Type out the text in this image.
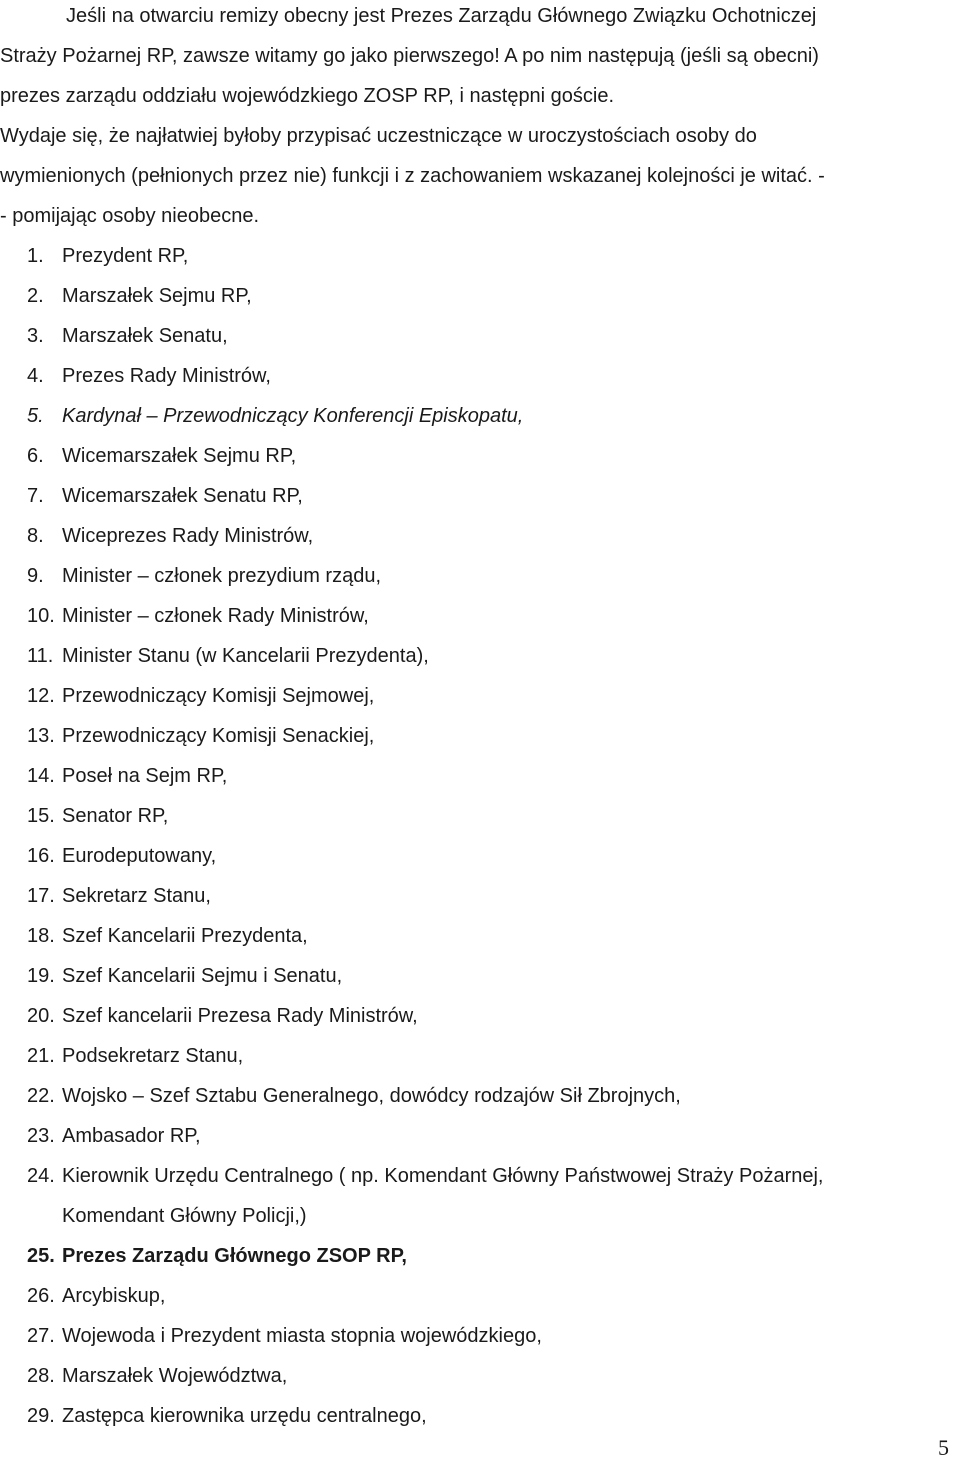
Jeśli na otwarciu remizy obecny jest Prezes Zarządu Głównego Związku Ochotniczej
Straży Pożarnej RP, zawsze witamy go jako pierwszego! A po nim następują (jeśli są obecni)
prezes zarządu oddziału wojewódzkiego ZOSP RP, i następni goście.
Wydaje się, że najłatwiej byłoby przypisać uczestniczące w uroczystościach osoby do
wymienionych (pełnionych przez nie) funkcji i z zachowaniem wskazanej kolejności je witać. -
- pomijając osoby nieobecne.
1. Prezydent RP,
2. Marszałek Sejmu RP,
3. Marszałek Senatu,
4. Prezes Rady Ministrów,
5. Kardynał – Przewodniczący Konferencji Episkopatu,
6. Wicemarszałek Sejmu RP,
7. Wicemarszałek Senatu RP,
8. Wiceprezes Rady Ministrów,
9. Minister – członek prezydium rządu,
10. Minister – członek Rady Ministrów,
11. Minister Stanu (w Kancelarii Prezydenta),
12. Przewodniczący Komisji Sejmowej,
13. Przewodniczący Komisji Senackiej,
14. Poseł na Sejm RP,
15. Senator RP,
16. Eurodeputowany,
17. Sekretarz Stanu,
18. Szef Kancelarii Prezydenta,
19. Szef Kancelarii Sejmu i Senatu,
20. Szef kancelarii Prezesa Rady Ministrów,
21. Podsekretarz Stanu,
22. Wojsko – Szef Sztabu Generalnego, dowódcy rodzajów Sił Zbrojnych,
23. Ambasador RP,
24. Kierownik Urzędu Centralnego ( np. Komendant Główny Państwowej Straży Pożarnej,
Komendant Główny Policji,)
25. Prezes Zarządu Głównego ZSOP RP,
26. Arcybiskup,
27. Wojewoda i Prezydent miasta stopnia wojewódzkiego,
28. Marszałek Województwa,
29. Zastępca kierownika urzędu centralnego,
5
